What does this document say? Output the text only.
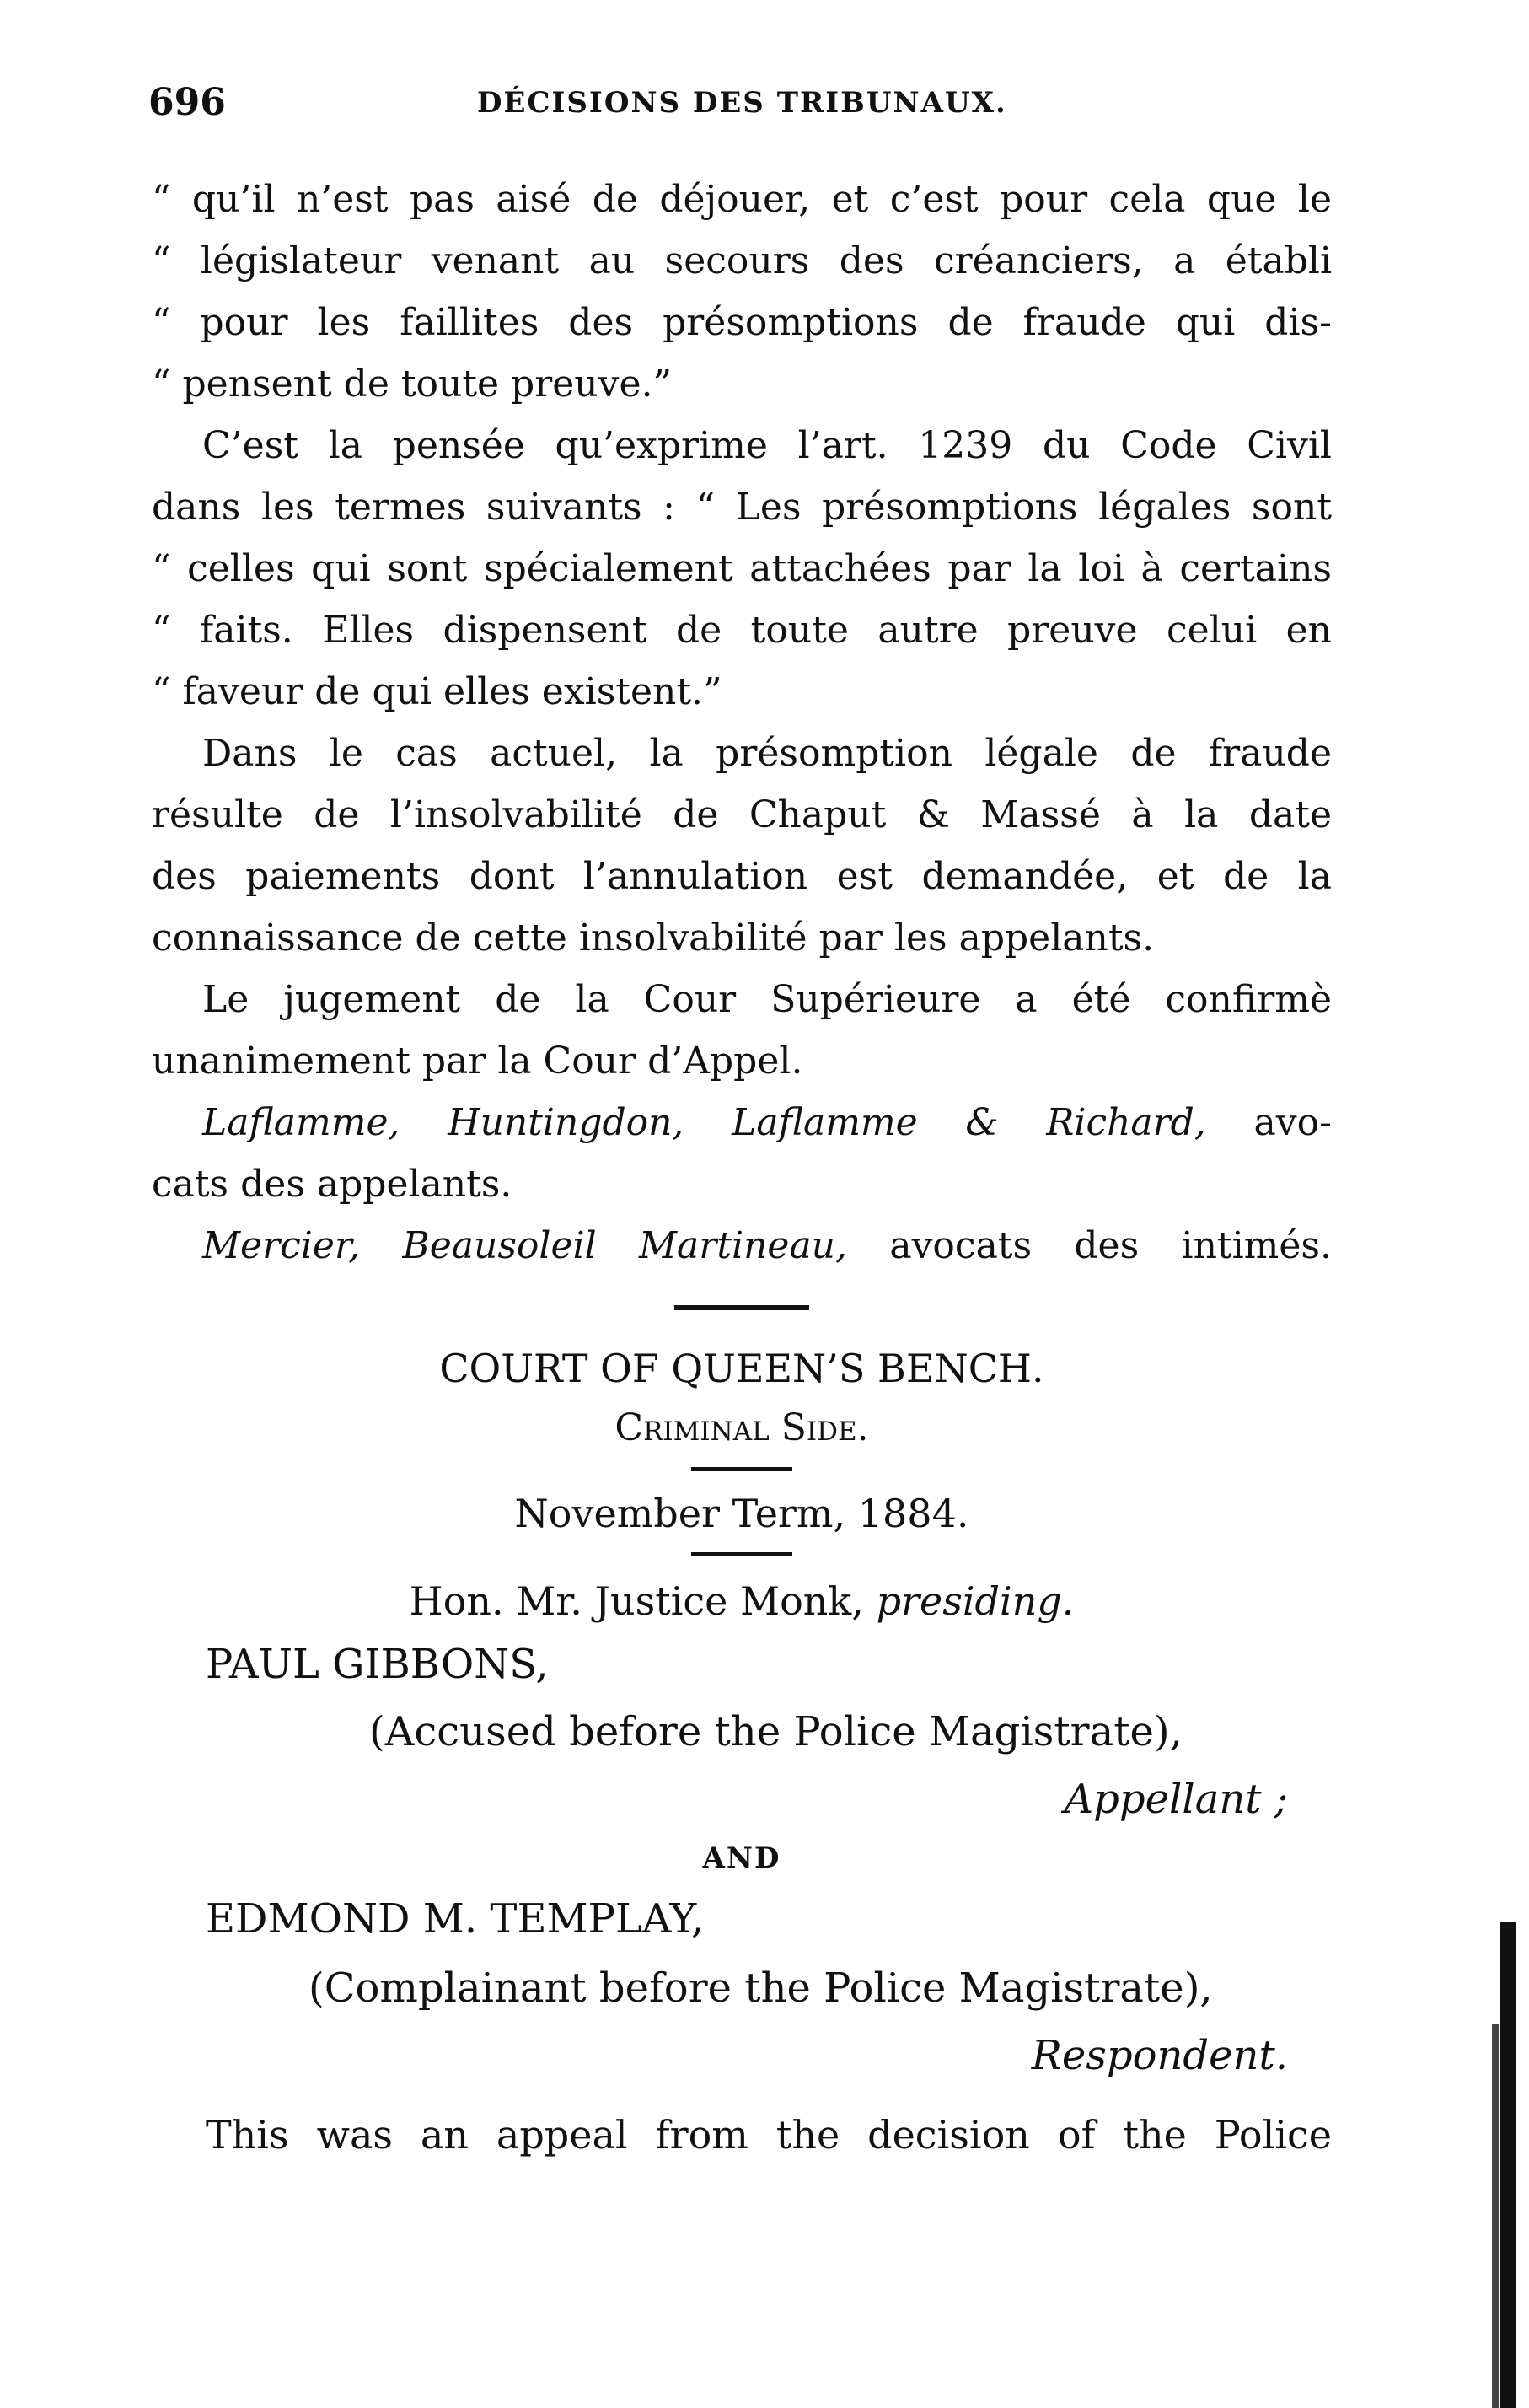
696	DÉCISIONS DES TRIBUNAUX.
“ qu’il n’est pas aisé de déjouer, et c’est pour cela que le
“ législateur venant au secours des créanciers, a établi
“ pour les faillites des présomptions de fraude qui dis-
“ pensent de toute preuve.”
C’est la pensée qu’exprime l’art. 1239 du Code Civil
dans les termes suivants : “ Les présomptions légales sont
“ celles qui sont spécialement attachées par la loi à certains
“ faits. Elles dispensent de toute autre preuve celui en
“ faveur de qui elles existent.”
Dans le cas actuel, la présomption légale de fraude
résulte de l’insolvabilité de Chaput & Massé à la date
des paiements dont l’annulation est demandée, et de la
connaissance de cette insolvabilité par les appelants.
Le jugement de la Cour Supérieure a été confirmè
unanimement par la Cour d’Appel.
Laflamme, Huntingdon, Laflamme & Richard, avo-
cats des appelants.
Mercier, Beausoleil Martineau, avocats des intimés.
COURT OF QUEEN’S BENCH.
Criminal Side.
November Term, 1884.
Hon. Mr. Justice Monk, presiding.
PAUL GIBBONS,
(Accused before the Police Magistrate),
Appellant ;
AND
EDMOND M. TEMPLAY,
(Complainant before the Police Magistrate),
Respondent.
This was an appeal from the decision of the Police
